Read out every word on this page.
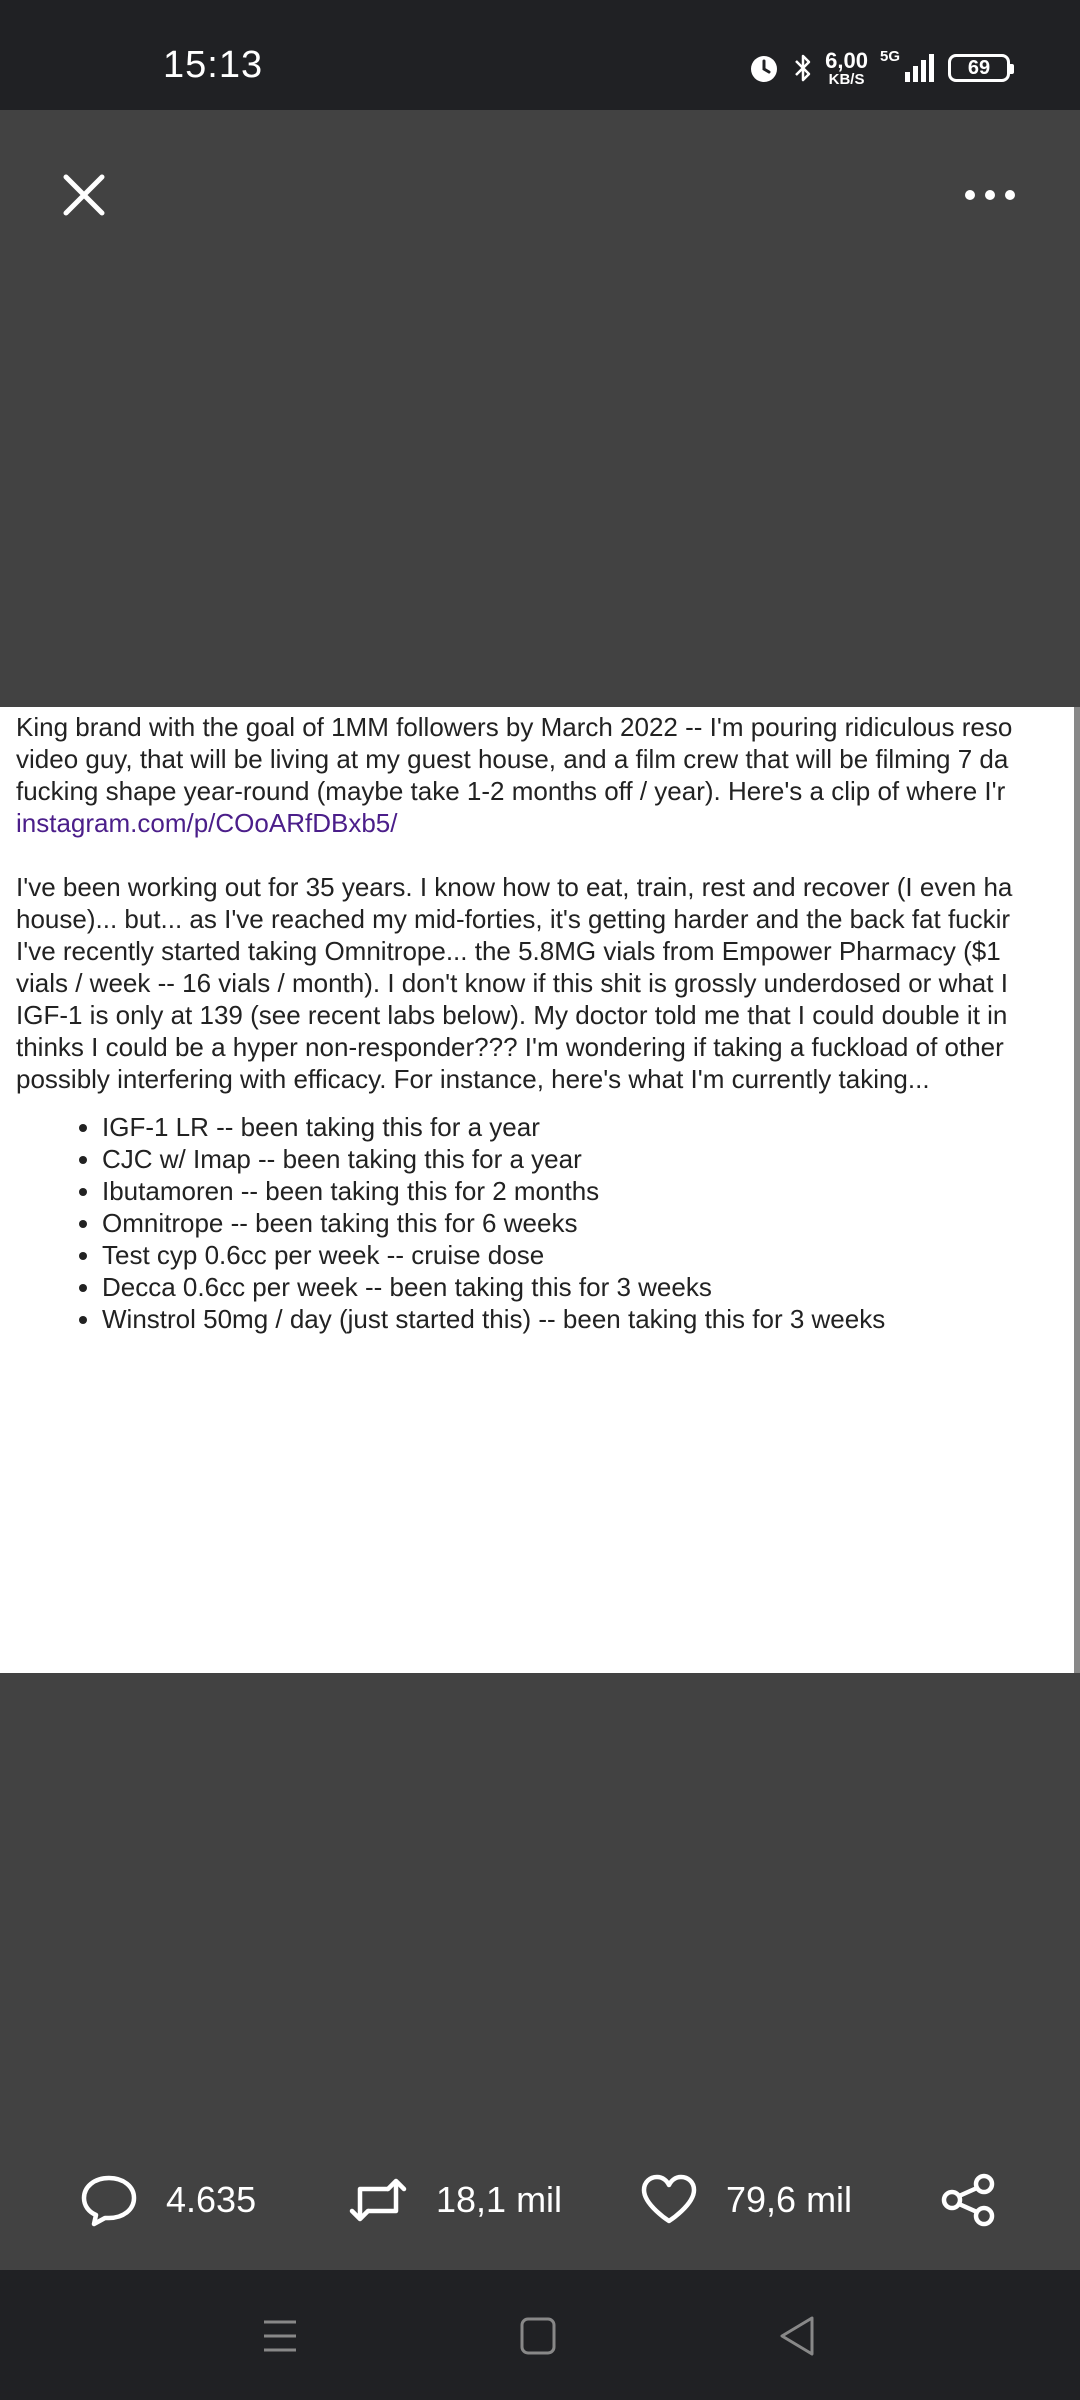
15:13	6,00
KB/S
5G
69
King brand with the goal of 1MM followers by March 2022 -- I'm pouring ridiculous reso
video guy, that will be living at my guest house, and a film crew that will be filming 7 da
fucking shape year-round (maybe take 1-2 months off / year). Here's a clip of where I'r
instagram.com/p/COoARfDBxb5/
I've been working out for 35 years. I know how to eat, train, rest and recover (I even ha
house)... but... as I've reached my mid-forties, it's getting harder and the back fat fuckir
I've recently started taking Omnitrope... the 5.8MG vials from Empower Pharmacy ($1
vials / week -- 16 vials / month). I don't know if this shit is grossly underdosed or what I
IGF-1 is only at 139 (see recent labs below). My doctor told me that I could double it in
thinks I could be a hyper non-responder??? I'm wondering if taking a fuckload of other
possibly interfering with efficacy. For instance, here's what I'm currently taking...
• IGF-1 LR -- been taking this for a year
• CJC w/ Imap -- been taking this for a year
• Ibutamoren -- been taking this for 2 months
• Omnitrope -- been taking this for 6 weeks
• Test cyp 0.6cc per week -- cruise dose
• Decca 0.6cc per week -- been taking this for 3 weeks
• Winstrol 50mg / day (just started this) -- been taking this for 3 weeks
4.635	18,1 mil	79,6 mil
